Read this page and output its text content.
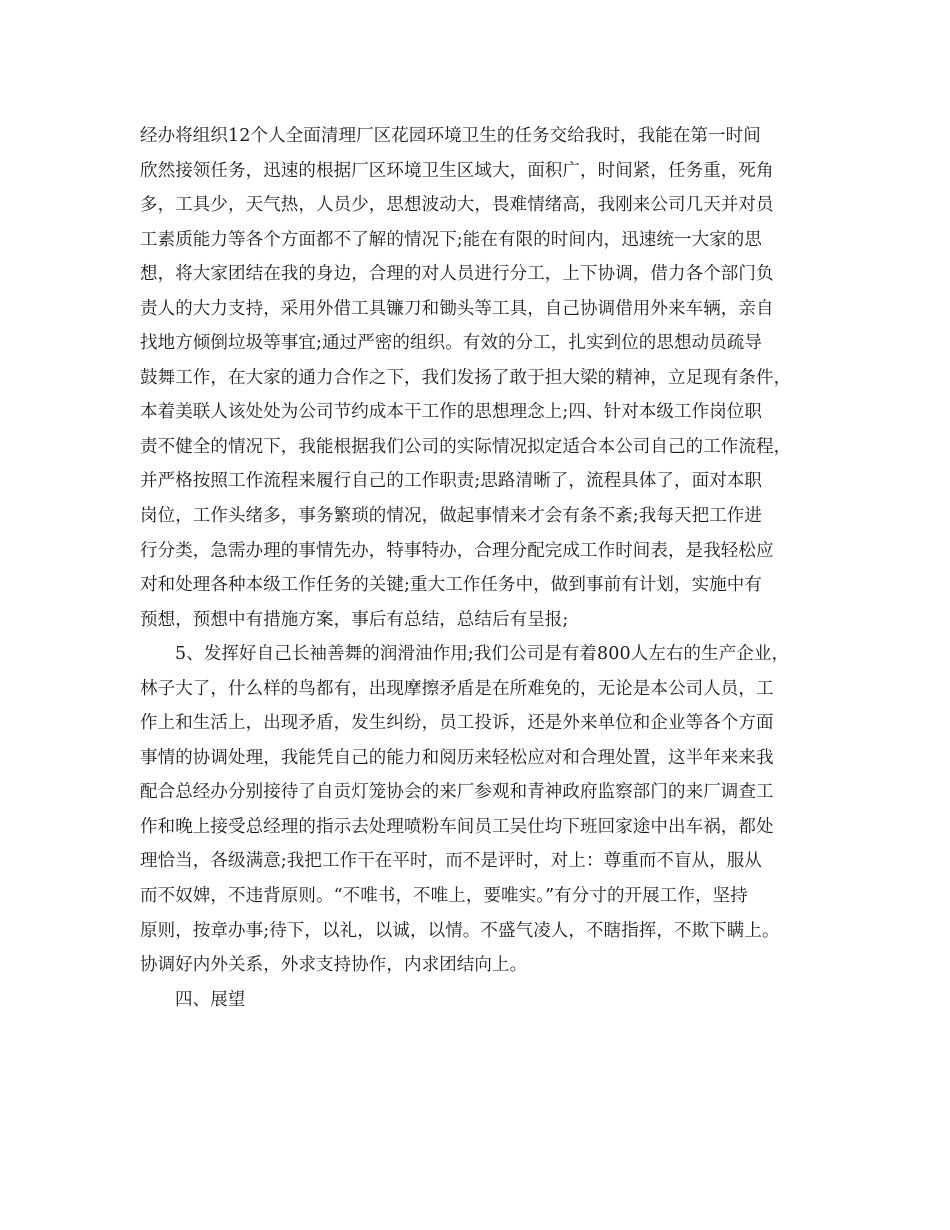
经办将组织12个人全面清理厂区花园环境卫生的任务交给我时，我能在第一时间
欣然接领任务，迅速的根据厂区环境卫生区域大，面积广，时间紧，任务重，死角
多，工具少，天气热，人员少，思想波动大，畏难情绪高，我刚来公司几天并对员
工素质能力等各个方面都不了解的情况下;能在有限的时间内，迅速统一大家的思
想，将大家团结在我的身边，合理的对人员进行分工，上下协调，借力各个部门负
责人的大力支持，采用外借工具镰刀和锄头等工具，自己协调借用外来车辆，亲自
找地方倾倒垃圾等事宜;通过严密的组织。有效的分工，扎实到位的思想动员疏导
鼓舞工作，在大家的通力合作之下，我们发扬了敢于担大梁的精神，立足现有条件，
本着美联人该处处为公司节约成本干工作的思想理念上;四、针对本级工作岗位职
责不健全的情况下，我能根据我们公司的实际情况拟定适合本公司自己的工作流程，
并严格按照工作流程来履行自己的工作职责;思路清晰了，流程具体了，面对本职
岗位，工作头绪多，事务繁琐的情况，做起事情来才会有条不紊;我每天把工作进
行分类，急需办理的事情先办，特事特办，合理分配完成工作时间表，是我轻松应
对和处理各种本级工作任务的关键;重大工作任务中，做到事前有计划，实施中有
预想，预想中有措施方案，事后有总结，总结后有呈报;
5、发挥好自己长袖善舞的润滑油作用;我们公司是有着800人左右的生产企业，
林子大了，什么样的鸟都有，出现摩擦矛盾是在所难免的，无论是本公司人员，工
作上和生活上，出现矛盾，发生纠纷，员工投诉，还是外来单位和企业等各个方面
事情的协调处理，我能凭自己的能力和阅历来轻松应对和合理处置，这半年来来我
配合总经办分别接待了自贡灯笼协会的来厂参观和青神政府监察部门的来厂调查工
作和晚上接受总经理的指示去处理喷粉车间员工吴仕均下班回家途中出车祸，都处
理恰当，各级满意;我把工作干在平时，而不是评时，对上：尊重而不盲从，服从
而不奴婢，不违背原则。“不唯书，不唯上，要唯实。”有分寸的开展工作，坚持
原则，按章办事;待下，以礼，以诚，以情。不盛气凌人，不瞎指挥，不欺下瞒上。
协调好内外关系，外求支持协作，内求团结向上。
四、展望
